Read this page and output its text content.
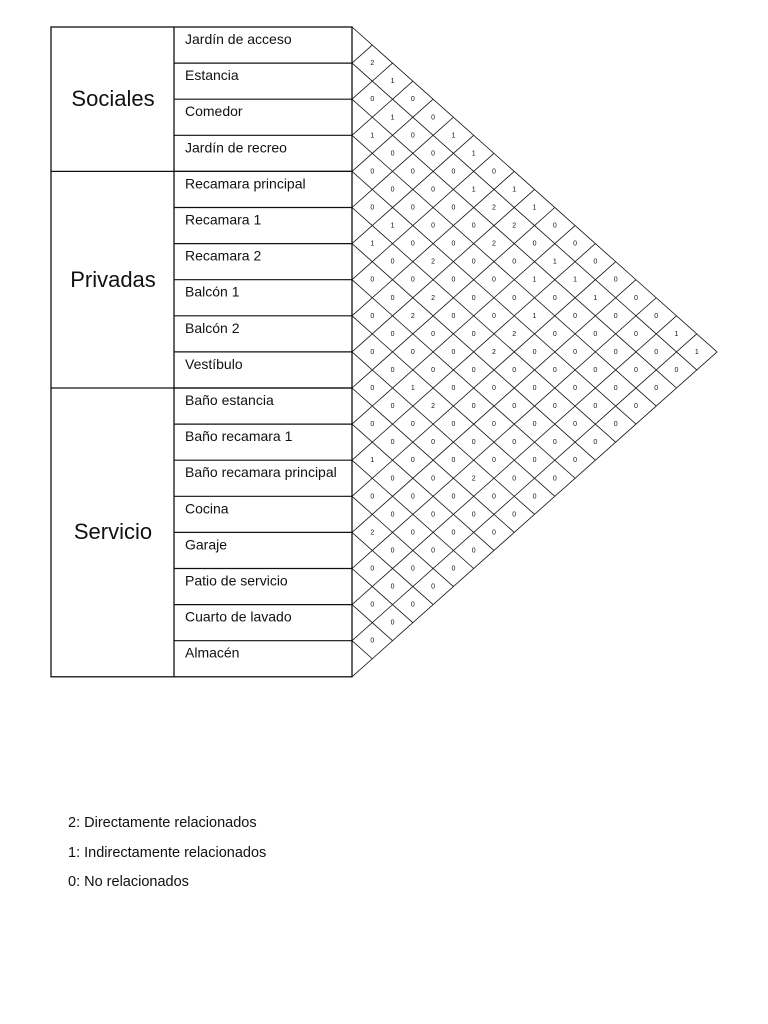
Jardín de acceso
Estancia
Comedor
Jardín de recreo
Recamara principal
Recamara 1
Recamara 2
Balcón 1
Balcón 2
Vestíbulo
Baño estancia
Baño recamara 1
Baño recamara principal
Cocina
Garaje
Patio de servicio
Cuarto de lavado
Almacén
2
1
0
0
1
1
0
1
1
0
0
0
0
0
0
1
1
0
1
0
0
0
1
2
2
0
1
1
1
0
0
0
0
1
0
0
0
0
0
2
0
1
0
0
0
0
0
0
0
0
0
0
0
0
0
0
1
0
0
0
0
0
0
1
0
2
0
0
0
2
0
0
0
0
0
1
0
0
2
0
0
2
0
0
0
0
0
0
0
2
0
0
0
0
0
0
0
0
0
0
0
0
0
0
0
0
0
0
0
0
1
2
0
0
0
0
0
0
0
0
0
0
2
0
0
0
0
0
0
0
0
0
1
0
0
0
0
0
0
0
0
0
0
2
0
0
0
0
0
0
0
0
0
Sociales
Privadas
Servicio
2: Directamente relacionados
1: Indirectamente relacionados
0: No relacionados
